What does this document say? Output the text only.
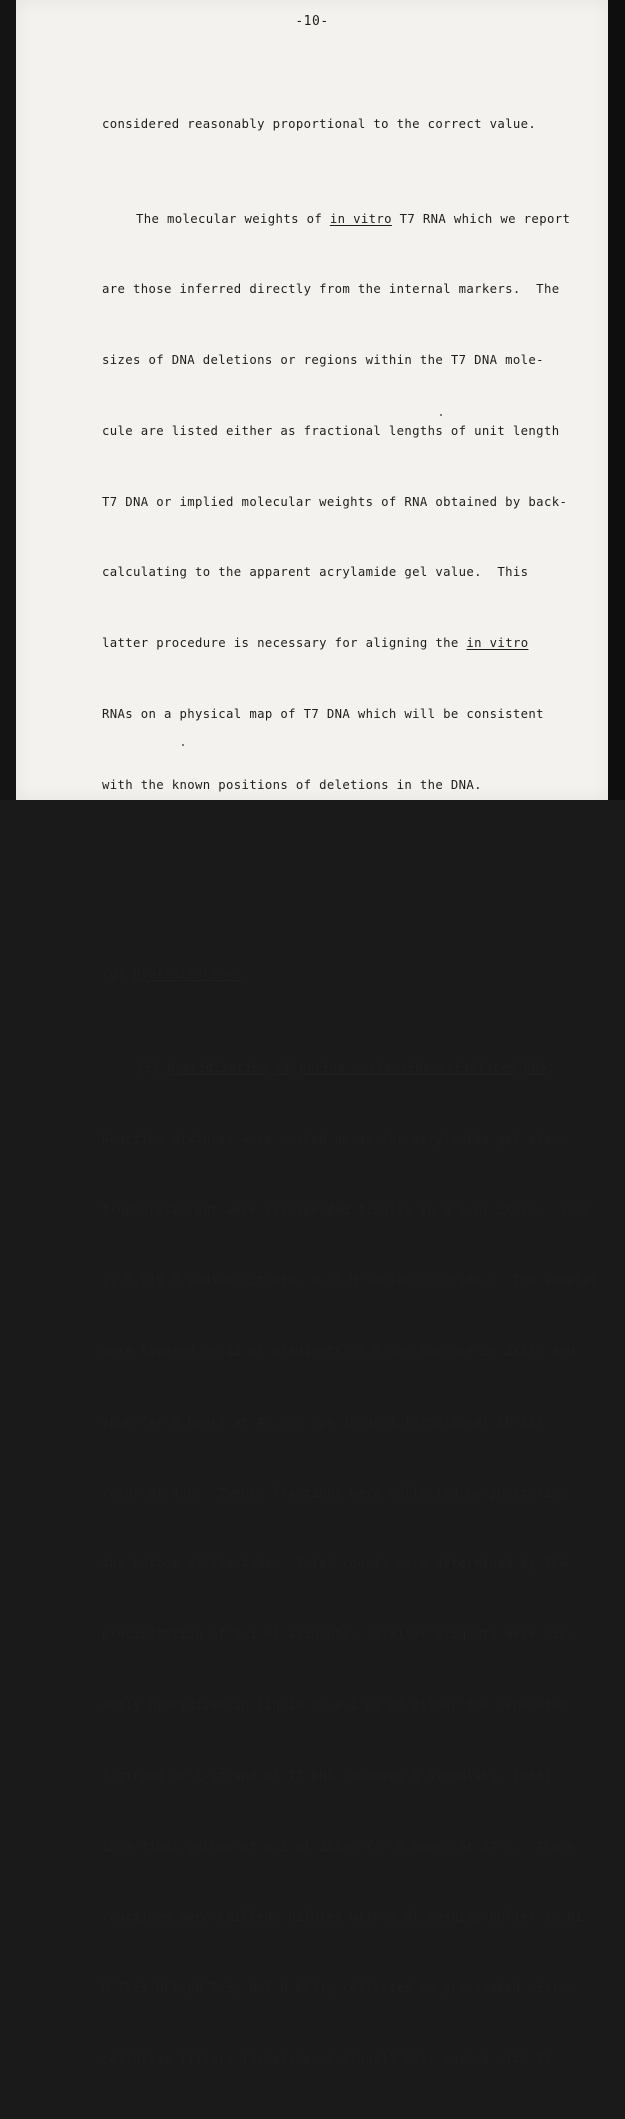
-10-

considered reasonably proportional to the correct value.

The molecular weights of in vitro T7 RNA which we report

are those inferred directly from the internal markers.  The

sizes of DNA deletions or regions within the T7 DNA mole-

cule are listed either as fractional lengths of unit length

T7 DNA or implied molecular weights of RNA obtained by back-

calculating to the apparent acrylamide gel value.  This

latter procedure is necessary for aligning the in vitro

RNAs on a physical map of T7 DNA which will be consistent

with the known positions of deletions in the DNA.

(g) Hybridizations

(i) Hybridization of purine nucleotide-stimulated RNA.

Reaction mixtures were worked up as for acrylamide gel elec-

trophoresis but were resuspended finally in 0.1 ml 2XSSC.  (SSC

is 0.015 M sodium citrate, 0.15 M sodium chloride.)  The samples

were layered on 12 ml gradients of 5-20% sucrose in 2XSSC and

spun for 5 hours at 40,000 rpm in an International SB-283

rotor at 4°C.  Twenty fractions were collected by puncturing

the bottom of the tube.  Total counts were determined by TCA

precipitation of 0.1 ml aliquots.  Similar aliquots were dir-

ectly hybridized in liquid to 0.1 μg of either the separated

r-strand or l-strand of T7 DNA (Summers & Syzbalski, 1968)

in a final volume of 0.2 ml 2XSSC for 6 hours at 67°C.  These

reactions were chilled, diluted with 3 ml washing buffer (0.01

M Tris-HCl pH 7.5, 0.5 M KCl), collected on pre-soaked nitro-

cellulose filters (Scheicher & Schuell B6), washed with 25
